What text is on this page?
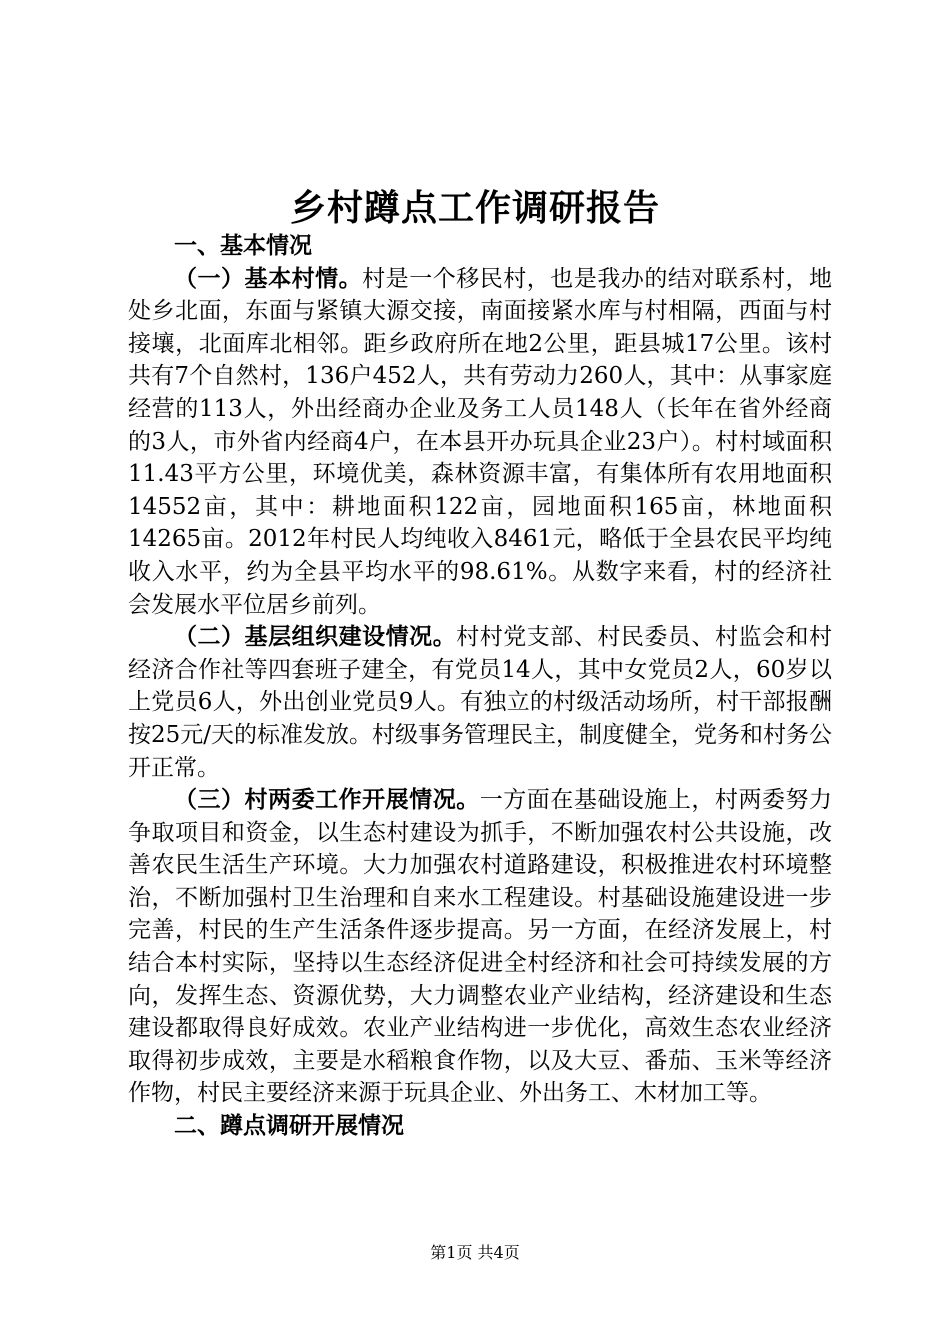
乡村蹲点工作调研报告

一、基本情况

（一）基本村情。村是一个移民村，也是我办的结对联系村，地处乡北面，东面与紧镇大源交接，南面接紧水库与村相隔，西面与村接壤，北面库北相邻。距乡政府所在地2公里，距县城17公里。该村共有7个自然村，136户452人，共有劳动力260人，其中：从事家庭经营的113人，外出经商办企业及务工人员148人（长年在省外经商的3人，市外省内经商4户，在本县开办玩具企业23户）。村村域面积11.43平方公里，环境优美，森林资源丰富，有集体所有农用地面积14552亩，其中：耕地面积122亩，园地面积165亩，林地面积14265亩。2012年村民人均纯收入8461元，略低于全县农民平均纯收入水平，约为全县平均水平的98.61%。从数字来看，村的经济社会发展水平位居乡前列。

（二）基层组织建设情况。村村党支部、村民委员、村监会和村经济合作社等四套班子建全，有党员14人，其中女党员2人，60岁以上党员6人，外出创业党员9人。有独立的村级活动场所，村干部报酬按25元/天的标准发放。村级事务管理民主，制度健全，党务和村务公开正常。

（三）村两委工作开展情况。一方面在基础设施上，村两委努力争取项目和资金，以生态村建设为抓手，不断加强农村公共设施，改善农民生活生产环境。大力加强农村道路建设，积极推进农村环境整治，不断加强村卫生治理和自来水工程建设。村基础设施建设进一步完善，村民的生产生活条件逐步提高。另一方面，在经济发展上，村结合本村实际，坚持以生态经济促进全村经济和社会可持续发展的方向，发挥生态、资源优势，大力调整农业产业结构，经济建设和生态建设都取得良好成效。农业产业结构进一步优化，高效生态农业经济取得初步成效，主要是水稻粮食作物，以及大豆、番茄、玉米等经济作物，村民主要经济来源于玩具企业、外出务工、木材加工等。

二、蹲点调研开展情况

第1页 共4页
